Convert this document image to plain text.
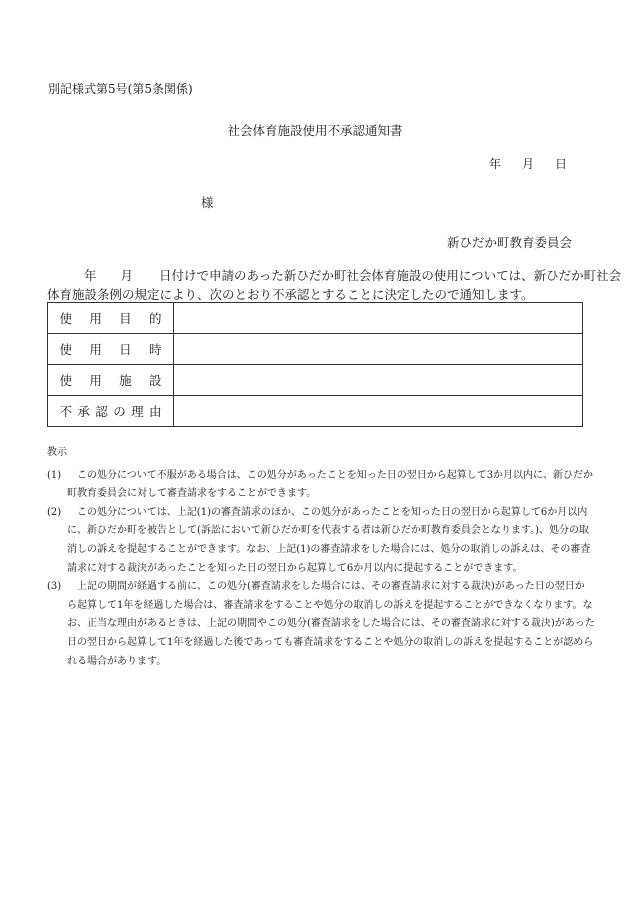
別記様式第5号(第5条関係)
社会体育施設使用不承認通知書
年 月 日
様
新ひだか町教育委員会
年 月 日付けで申請のあった新ひだか町社会体育施設の使用については、新ひだか町社会
体育施設条例の規定により、次のとおり不承認とすることに決定したので通知します。
使用目的	
使用日時	
使用施設	
不承認の理由	
教示
(1)	この処分について不服がある場合は、この処分があったことを知った日の翌日から起算して3か月以内に、新ひだか
町教育委員会に対して審査請求をすることができます。
(2)	この処分については、上記(1)の審査請求のほか、この処分があったことを知った日の翌日から起算して6か月以内
に、新ひだか町を被告として(訴訟において新ひだか町を代表する者は新ひだか町教育委員会となります。)、処分の取
消しの訴えを提起することができます。なお、上記(1)の審査請求をした場合には、処分の取消しの訴えは、その審査
請求に対する裁決があったことを知った日の翌日から起算して6か月以内に提起することができます。
(3)	上記の期間が経過する前に、この処分(審査請求をした場合には、その審査請求に対する裁決)があった日の翌日か
ら起算して1年を経過した場合は、審査請求をすることや処分の取消しの訴えを提起することができなくなります。な
お、正当な理由があるときは、上記の期間やこの処分(審査請求をした場合には、その審査請求に対する裁決)があった
日の翌日から起算して1年を経過した後であっても審査請求をすることや処分の取消しの訴えを提起することが認めら
れる場合があります。
